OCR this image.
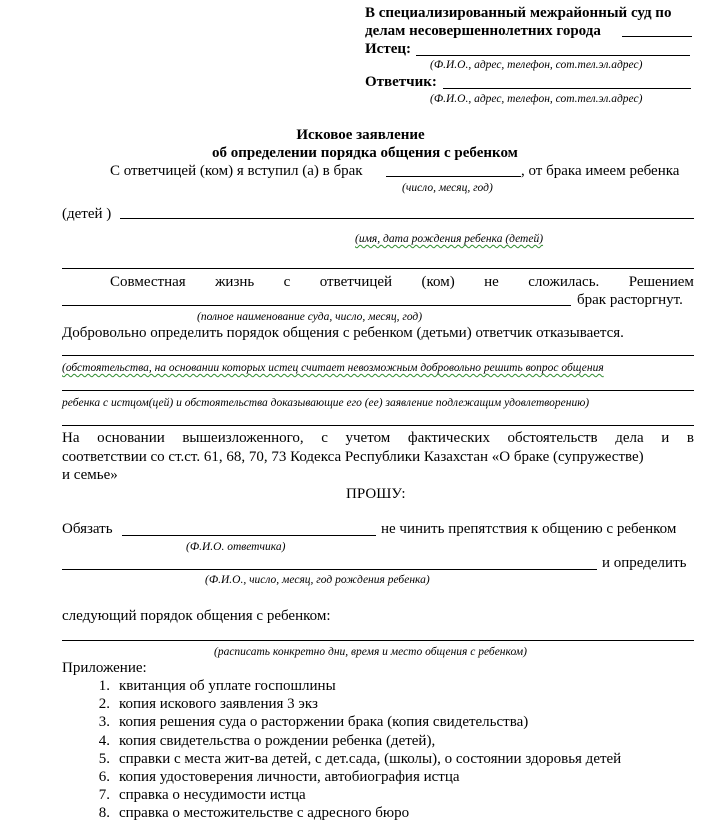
В специализированный межрайонный суд по
делам несовершеннолетних города
Истец:
(Ф.И.О., адрес, телефон, сот.тел.эл.адрес)
Ответчик:
(Ф.И.О., адрес, телефон, сот.тел.эл.адрес)
Исковое заявление
об определении порядка общения с ребенком
С ответчицей (ком) я вступил (а) в брак	, от брака имеем ребенка
(число, месяц, год)
(детей )
(имя, дата рождения ребенка (детей)
Совместная жизнь с ответчицей (ком) не сложилась. Решением
брак расторгнут.
(полное наименование суда, число, месяц, год)
Добровольно определить порядок общения с ребенком (детьми) ответчик отказывается.
(обстоятельства, на основании которых истец считает невозможным добровольно решить вопрос общения
ребенка с истцом(цей) и обстоятельства доказывающие его (ее) заявление подлежащим удовлетворению)
На основании вышеизложенного, с учетом фактических обстоятельств дела и в
соответствии со ст.ст. 61, 68, 70, 73 Кодекса Республики Казахстан «О браке (супружестве)
и семье»
ПРОШУ:
Обязать	не чинить препятствия к общению с ребенком
(Ф.И.О. ответчика)
и определить
(Ф.И.О., число, месяц, год рождения ребенка)
следующий порядок общения с ребенком:
(расписать конкретно дни, время и место общения с ребенком)
Приложение:
1. квитанция об уплате госпошлины
2. копия искового заявления 3 экз
3. копия решения суда о расторжении брака (копия свидетельства)
4. копия свидетельства о рождении ребенка (детей),
5. справки с места жит-ва детей, с дет.сада, (школы), о состоянии здоровья детей
6. копия удостоверения личности, автобиография истца
7. справка о несудимости истца
8. справка о местожительстве с адресного бюро
